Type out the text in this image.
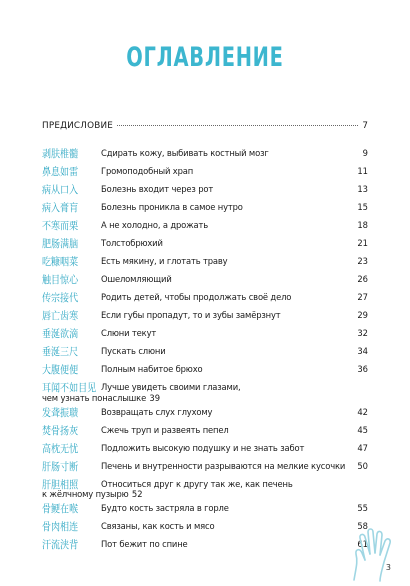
ОГЛАВЛЕНИЕ
ПРЕДИСЛОВИЕ	7
剥肤椎髓	Сдирать кожу, выбивать костный мозг	9
鼻息如雷	Громоподобный храп	11
病从口入	Болезнь входит через рот	13
病入膏肓	Болезнь проникла в самое нутро	15
不寒而栗	А не холодно, а дрожать	18
肥肠满脑	Толстобрюхий	21
吃糠咽菜	Есть мякину, и глотать траву	23
触目惊心	Ошеломляющий	26
传宗接代	Родить детей, чтобы продолжать своё дело	27
唇亡齿寒	Если губы пропадут, то и зубы замёрзнут	29
垂涎欲滴	Слюни текут	32
垂涎三尺	Пускать слюни	34
大腹便便	Полным набитое брюхо	36
耳闻不如目见 Лучше увидеть своими глазами,
чем узнать понаслышке 39
发聋振聩	Возвращать слух глухому	42
焚骨扬灰	Сжечь труп и развеять пепел	45
高枕无忧	Подложить высокую подушку и не знать забот	47
肝肠寸断	Печень и внутренности разрываются на мелкие кусочки	50
肝胆相照	Относиться друг к другу так же, как печень
к жёлчному пузырю 52
骨鲠在喉	Будто кость застряла в горле	55
骨肉相连	Связаны, как кость и мясо	58
汗流浃背	Пот бежит по спине	61
3
